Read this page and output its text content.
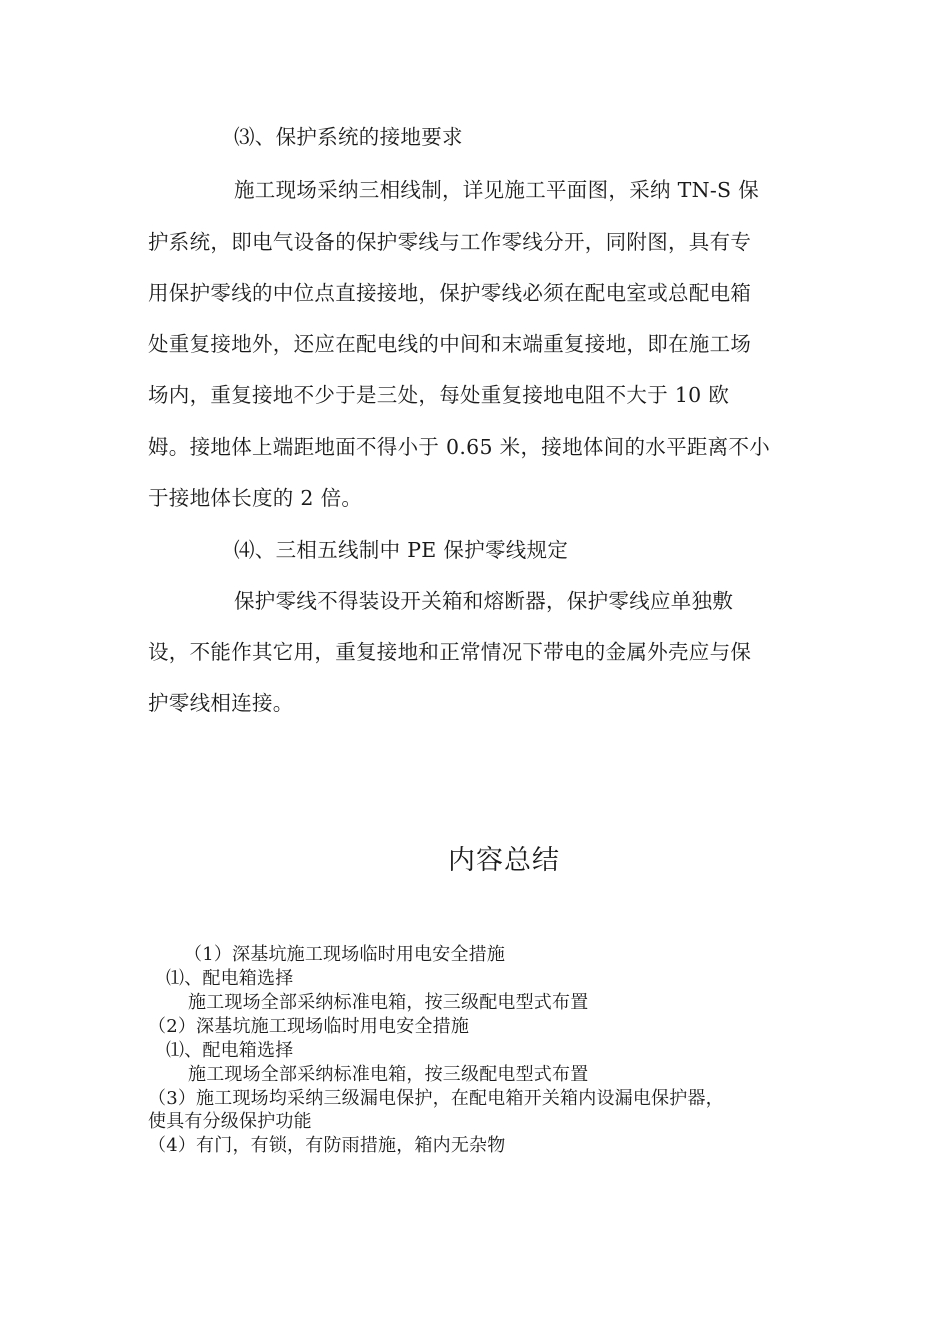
⑶、保护系统的接地要求
施工现场采纳三相线制，详见施工平面图，采纳 TN-S 保
护系统，即电气设备的保护零线与工作零线分开，同附图，具有专
用保护零线的中位点直接接地，保护零线必须在配电室或总配电箱
处重复接地外，还应在配电线的中间和末端重复接地，即在施工场
场内，重复接地不少于是三处，每处重复接地电阻不大于 10 欧
姆。接地体上端距地面不得小于 0.65 米，接地体间的水平距离不小
于接地体长度的 2 倍。
⑷、三相五线制中 PE 保护零线规定
保护零线不得装设开关箱和熔断器，保护零线应单独敷
设，不能作其它用，重复接地和正常情况下带电的金属外壳应与保
护零线相连接。
内容总结
（1）深基坑施工现场临时用电安全措施
⑴、配电箱选择
施工现场全部采纳标准电箱，按三级配电型式布置
（2）深基坑施工现场临时用电安全措施
⑴、配电箱选择
施工现场全部采纳标准电箱，按三级配电型式布置
（3）施工现场均采纳三级漏电保护，在配电箱开关箱内设漏电保护器，
使具有分级保护功能
（4）有门，有锁，有防雨措施，箱内无杂物
